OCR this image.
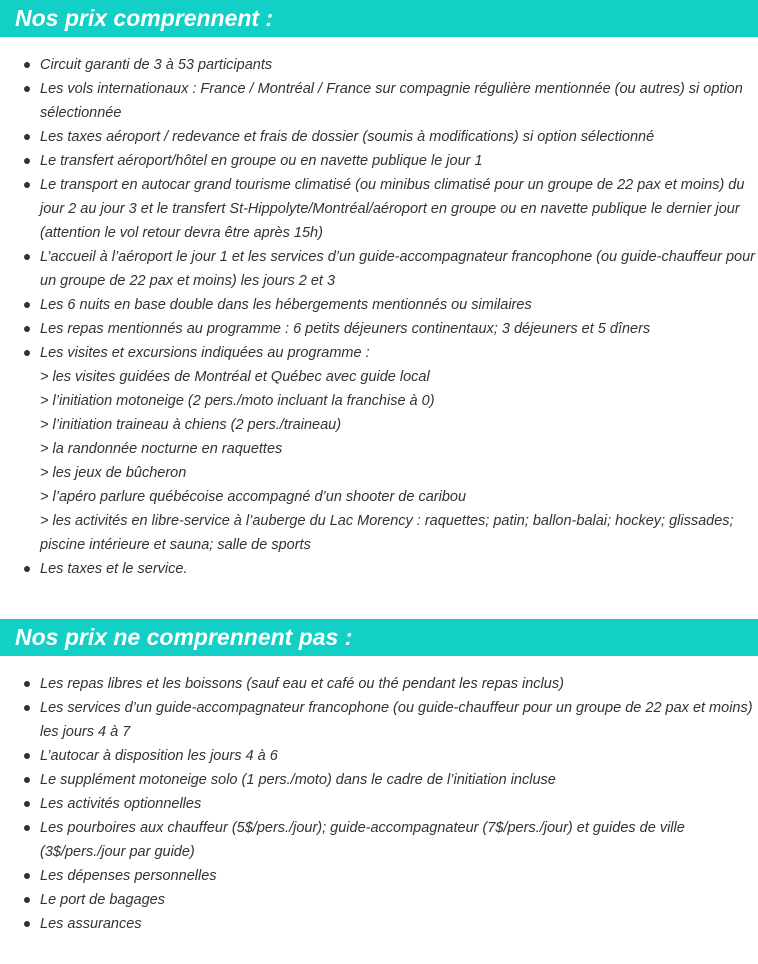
Nos prix comprennent :
Circuit garanti de 3 à 53 participants
Les vols internationaux : France / Montréal / France sur compagnie régulière mentionnée (ou autres) si option sélectionnée
Les taxes aéroport / redevance et frais de dossier (soumis à modifications) si option sélectionné
Le transfert aéroport/hôtel en groupe ou en navette publique le jour 1
Le transport en autocar grand tourisme climatisé (ou minibus climatisé pour un groupe de 22 pax et moins) du jour 2 au jour 3 et le transfert St-Hippolyte/Montréal/aéroport en groupe ou en navette publique le dernier jour (attention le vol retour devra être après 15h)
L’accueil à l’aéroport le jour 1 et les services d’un guide-accompagnateur francophone (ou guide-chauffeur pour un groupe de 22 pax et moins) les jours 2 et 3
Les 6 nuits en base double dans les hébergements mentionnés ou similaires
Les repas mentionnés au programme : 6 petits déjeuners continentaux; 3 déjeuners et 5 dîners
Les visites et excursions indiquées au programme :
> les visites guidées de Montréal et Québec avec guide local
> l’initiation motoneige (2 pers./moto incluant la franchise à 0)
> l’initiation traineau à chiens (2 pers./traineau)
> la randonnée nocturne en raquettes
> les jeux de bûcheron
> l’apéro parlure québécoise accompagné d’un shooter de caribou
> les activités en libre-service à l’auberge du Lac Morency : raquettes; patin; ballon-balai; hockey; glissades; piscine intérieure et sauna; salle de sports
Les taxes et le service.
Nos prix ne comprennent pas :
Les repas libres et les boissons (sauf eau et café ou thé pendant les repas inclus)
Les services d’un guide-accompagnateur francophone (ou guide-chauffeur pour un groupe de 22 pax et moins) les jours 4 à 7
L’autocar à disposition les jours 4 à 6
Le supplément motoneige solo (1 pers./moto) dans le cadre de l’initiation incluse
Les activités optionnelles
Les pourboires aux chauffeur (5$/pers./jour); guide-accompagnateur (7$/pers./jour) et guides de ville (3$/pers./jour par guide)
Les dépenses personnelles
Le port de bagages
Les assurances
